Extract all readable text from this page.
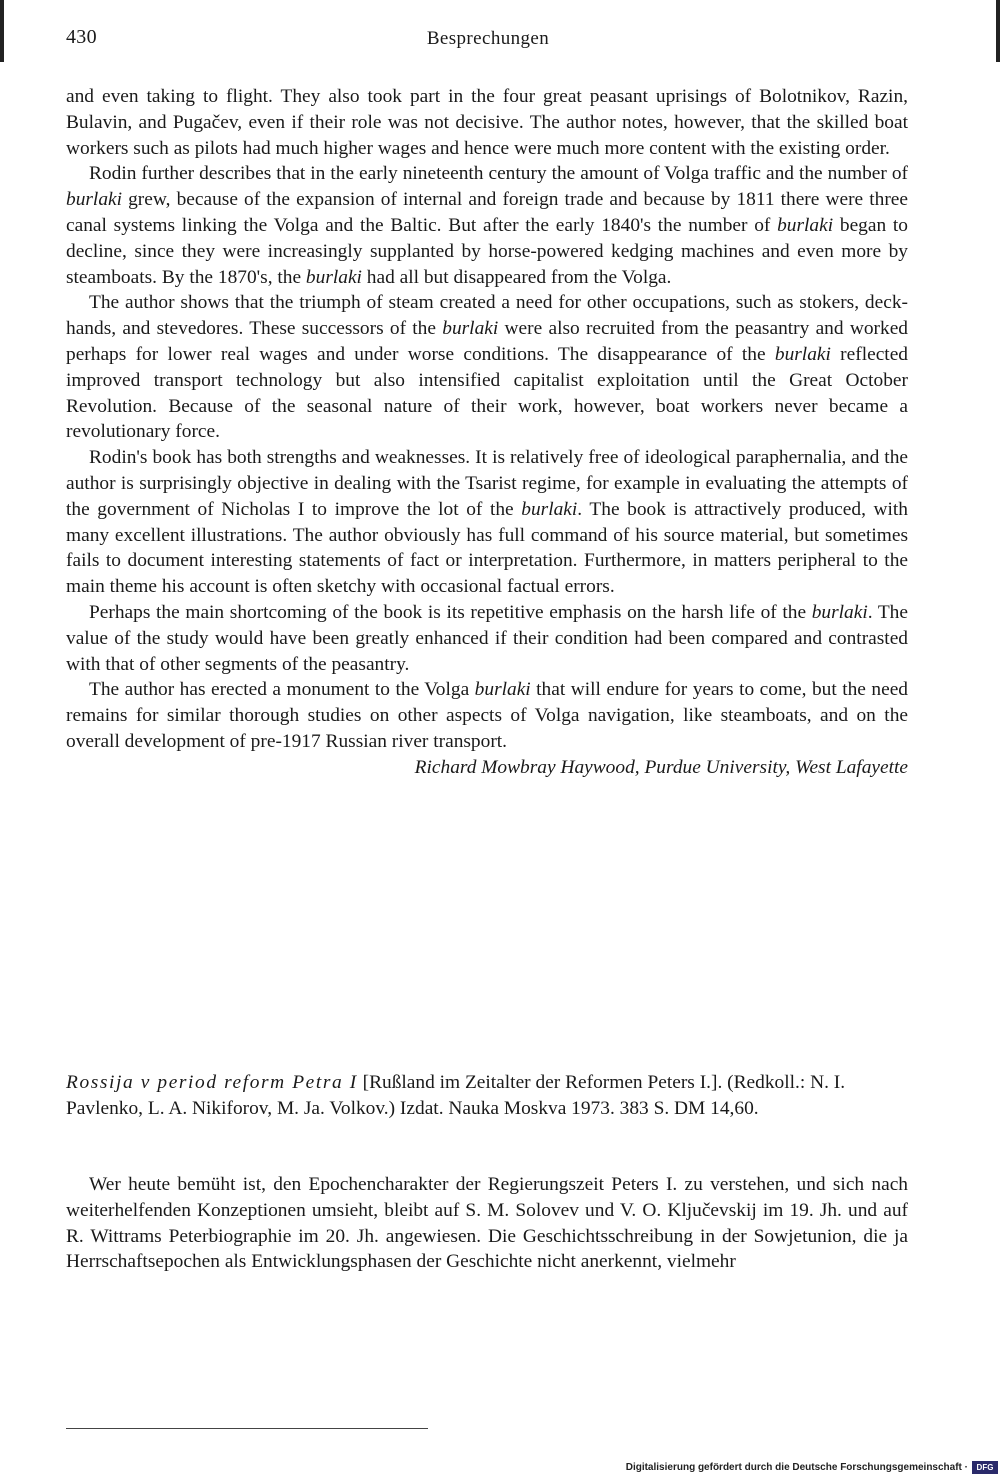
430	Besprechungen

and even taking to flight. They also took part in the four great peasant uprisings of Bolotnikov, Razin, Bulavin, and Pugačev, even if their role was not decisive. The author notes, however, that the skilled boat workers such as pilots had much higher wages and hence were much more content with the existing order.

Rodin further describes that in the early nineteenth century the amount of Volga traffic and the number of burlaki grew, because of the expansion of internal and foreign trade and because by 1811 there were three canal systems linking the Volga and the Baltic. But after the early 1840's the number of burlaki began to decline, since they were increasingly supplanted by horse-powered kedging machines and even more by steamboats. By the 1870's, the burlaki had all but disappeared from the Volga.

The author shows that the triumph of steam created a need for other occupations, such as stokers, deck-hands, and stevedores. These successors of the burlaki were also recruited from the peasantry and worked perhaps for lower real wages and under worse conditions. The disappearance of the burlaki reflected improved transport technology but also intensified capitalist exploitation until the Great October Revolution. Because of the seasonal nature of their work, however, boat workers never became a revolutionary force.

Rodin's book has both strengths and weaknesses. It is relatively free of ideological paraphernalia, and the author is surprisingly objective in dealing with the Tsarist regime, for example in evaluating the attempts of the government of Nicholas I to improve the lot of the burlaki. The book is attractively produced, with many excellent illustrations. The author obviously has full command of his source material, but sometimes fails to document interesting statements of fact or interpretation. Furthermore, in matters peripheral to the main theme his account is often sketchy with occasional factual errors.

Perhaps the main shortcoming of the book is its repetitive emphasis on the harsh life of the burlaki. The value of the study would have been greatly enhanced if their condition had been compared and contrasted with that of other segments of the peasantry.

The author has erected a monument to the Volga burlaki that will endure for years to come, but the need remains for similar thorough studies on other aspects of Volga navigation, like steamboats, and on the overall development of pre-1917 Russian river transport.

Richard Mowbray Haywood, Purdue University, West Lafayette

Rossija v period reform Petra I [Rußland im Zeitalter der Reformen Peters I.]. (Redkoll.: N. I. Pavlenko, L. A. Nikiforov, M. Ja. Volkov.) Izdat. Nauka Moskva 1973. 383 S. DM 14,60.

Wer heute bemüht ist, den Epochencharakter der Regierungszeit Peters I. zu verstehen, und sich nach weiterhelfenden Konzeptionen umsieht, bleibt auf S. M. Solovev und V. O. Ključevskij im 19. Jh. und auf R. Wittrams Peterbiographie im 20. Jh. angewiesen. Die Geschichtsschreibung in der Sowjetunion, die ja Herrschaftsepochen als Entwicklungsphasen der Geschichte nicht anerkennt, vielmehr

Digitalisierung gefördert durch die Deutsche Forschungsgemeinschaft ·	DFG
